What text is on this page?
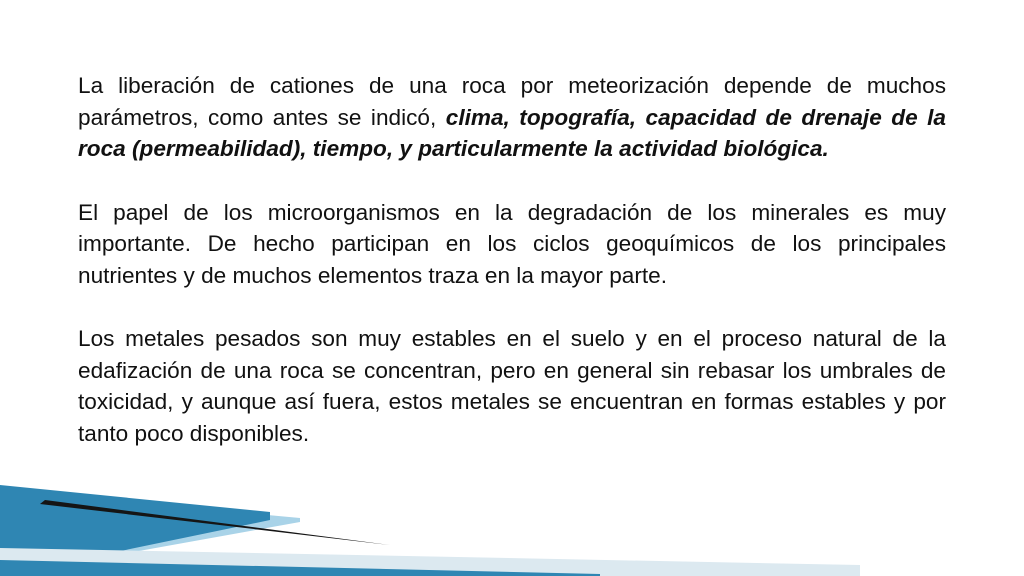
La liberación de cationes de una roca por meteorización depende de muchos parámetros, como antes se indicó, clima, topografía, capacidad de drenaje de la roca (permeabilidad), tiempo, y particularmente la actividad biológica.

El papel de los microorganismos en la degradación de los minerales es muy importante. De hecho participan en los ciclos geoquímicos de los principales nutrientes y de muchos elementos traza en la mayor parte.

Los metales pesados son muy estables en el suelo y en el proceso natural de la edafización de una roca se concentran, pero en general sin rebasar los umbrales de toxicidad, y aunque así fuera, estos metales se encuentran en formas estables y por tanto poco disponibles.
